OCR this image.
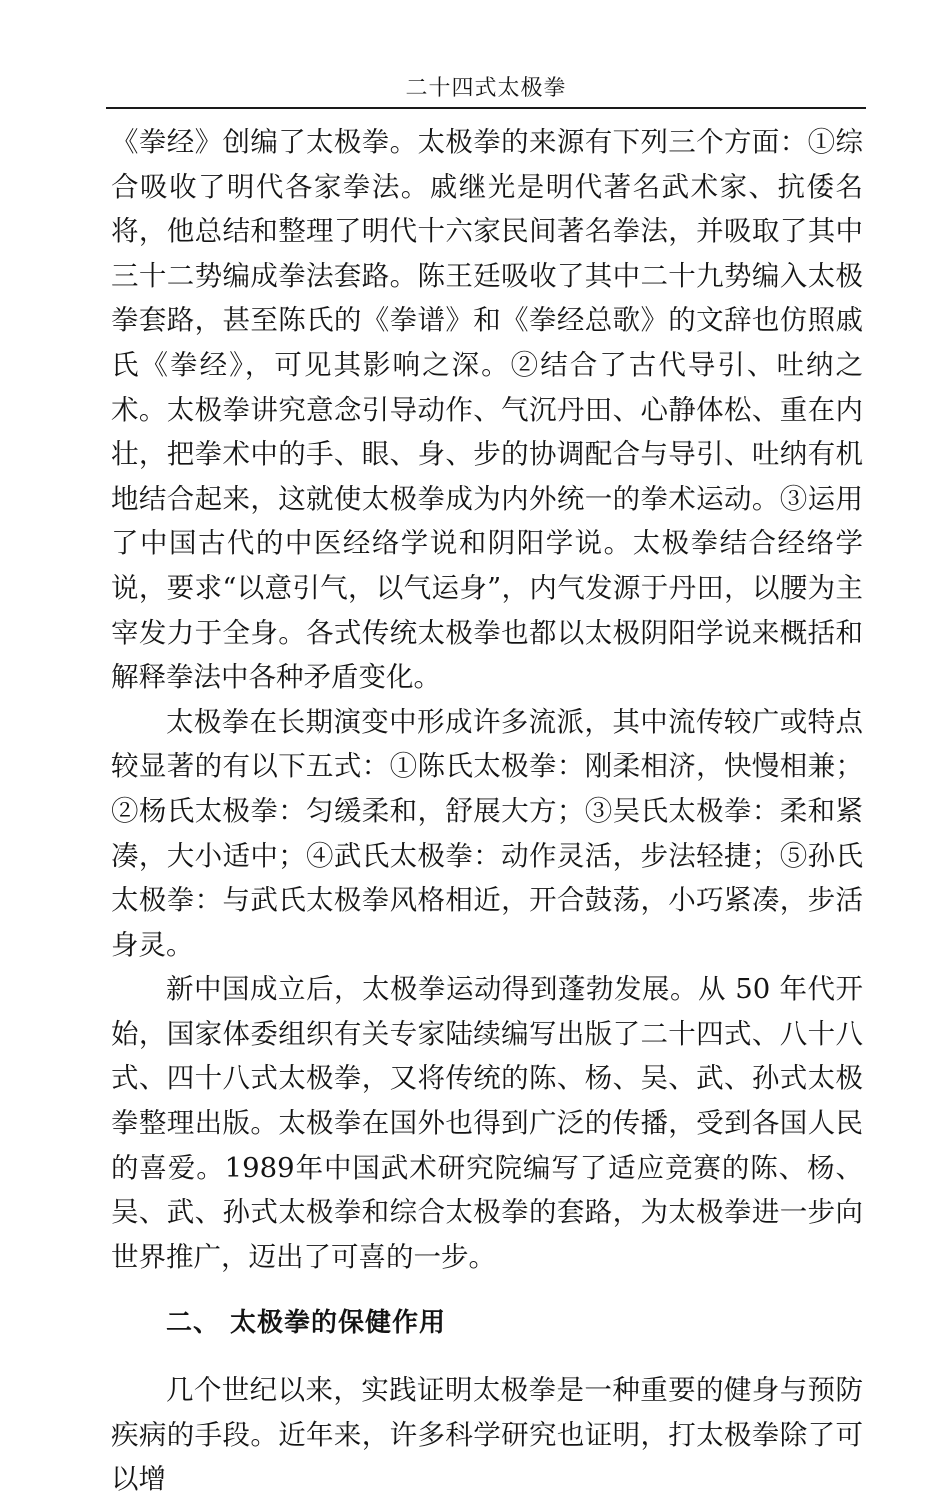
二十四式太极拳

《拳经》创编了太极拳。太极拳的来源有下列三个方面：①综合吸收了明代各家拳法。戚继光是明代著名武术家、抗倭名将，他总结和整理了明代十六家民间著名拳法，并吸取了其中三十二势编成拳法套路。陈王廷吸收了其中二十九势编入太极拳套路，甚至陈氏的《拳谱》和《拳经总歌》的文辞也仿照戚氏《拳经》，可见其影响之深。②结合了古代导引、吐纳之术。太极拳讲究意念引导动作、气沉丹田、心静体松、重在内壮，把拳术中的手、眼、身、步的协调配合与导引、吐纳有机地结合起来，这就使太极拳成为内外统一的拳术运动。③运用了中国古代的中医经络学说和阴阳学说。太极拳结合经络学说，要求“以意引气，以气运身”，内气发源于丹田，以腰为主宰发力于全身。各式传统太极拳也都以太极阴阳学说来概括和解释拳法中各种矛盾变化。

太极拳在长期演变中形成许多流派，其中流传较广或特点较显著的有以下五式：①陈氏太极拳：刚柔相济，快慢相兼；②杨氏太极拳：匀缓柔和，舒展大方；③吴氏太极拳：柔和紧凑，大小适中；④武氏太极拳：动作灵活，步法轻捷；⑤孙氏太极拳：与武氏太极拳风格相近，开合鼓荡，小巧紧凑，步活身灵。

新中国成立后，太极拳运动得到蓬勃发展。从 50 年代开始，国家体委组织有关专家陆续编写出版了二十四式、八十八式、四十八式太极拳，又将传统的陈、杨、吴、武、孙式太极拳整理出版。太极拳在国外也得到广泛的传播，受到各国人民的喜爱。1989年中国武术研究院编写了适应竞赛的陈、杨、吴、武、孙式太极拳和综合太极拳的套路，为太极拳进一步向世界推广，迈出了可喜的一步。

二、 太极拳的保健作用

几个世纪以来，实践证明太极拳是一种重要的健身与预防疾病的手段。近年来，许多科学研究也证明，打太极拳除了可以增
